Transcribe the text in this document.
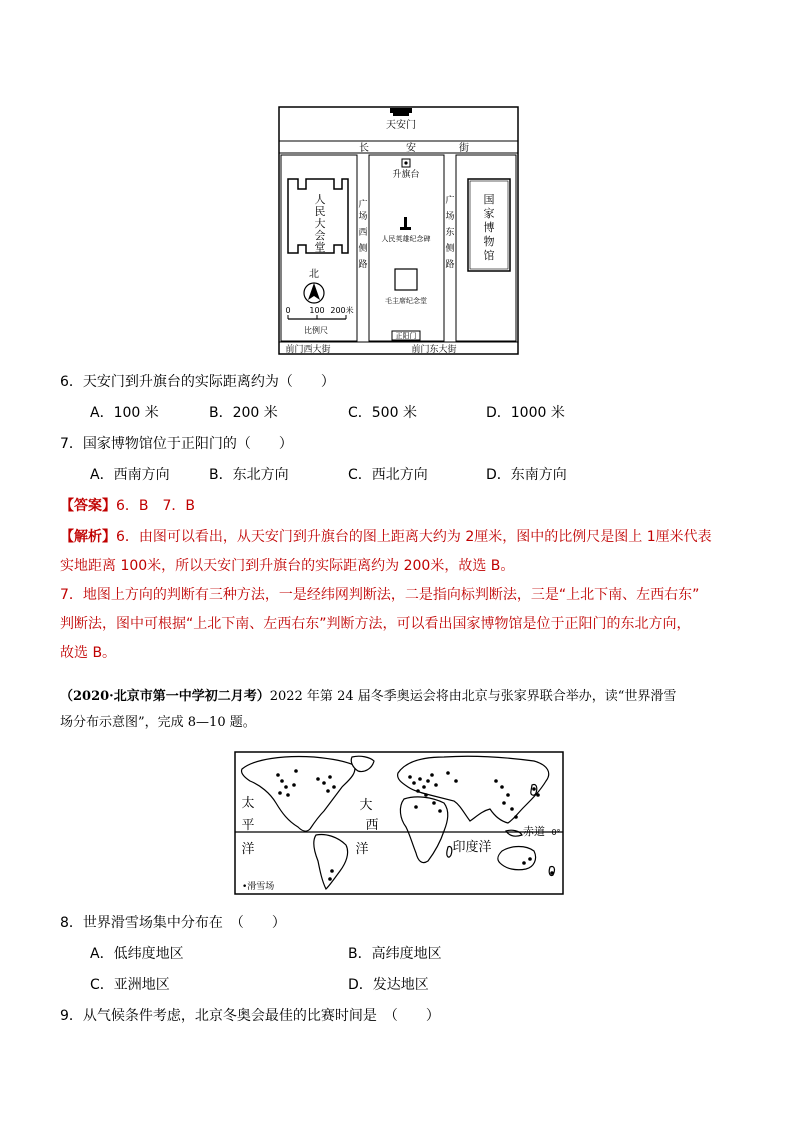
天安门
长	安	街
人
民
大
会
堂
北
0 100 200米
比例尺
广
场
西
侧
路
升旗台
人民英雄纪念碑
毛主席纪念堂
正阳门
广
场
东
侧
路
国
家
博
物
馆
前门西大街	前门东大街
6．天安门到升旗台的实际距离约为（　　）
A．100 米	B．200 米	C．500 米	D．1000 米
7．国家博物馆位于正阳门的（　　）
A．西南方向	B．东北方向	C．西北方向	D．东南方向
【答案】6．B　7．B
【解析】6．由图可以看出，从天安门到升旗台的图上距离大约为 2厘米，图中的比例尺是图上 1厘米代表
实地距离 100米，所以天安门到升旗台的实际距离约为 200米，故选 B。
7．地图上方向的判断有三种方法，一是经纬网判断法，二是指向标判断法，三是“上北下南、左西右东”
判断法，图中可根据“上北下南、左西右东”判断方法，可以看出国家博物馆是位于正阳门的东北方向，
故选 B。
（2020·北京市第一中学初二月考）2022 年第 24 届冬季奥运会将由北京与张家界联合举办，读“世界滑雪
场分布示意图”，完成 8—10 题。
太
平
洋
大
西
洋	印度洋
赤道 0°
•滑雪场
8．世界滑雪场集中分布在　（　　）
A．低纬度地区	B．高纬度地区
C．亚洲地区	D．发达地区
9．从气候条件考虑，北京冬奥会最佳的比赛时间是　（　　）
